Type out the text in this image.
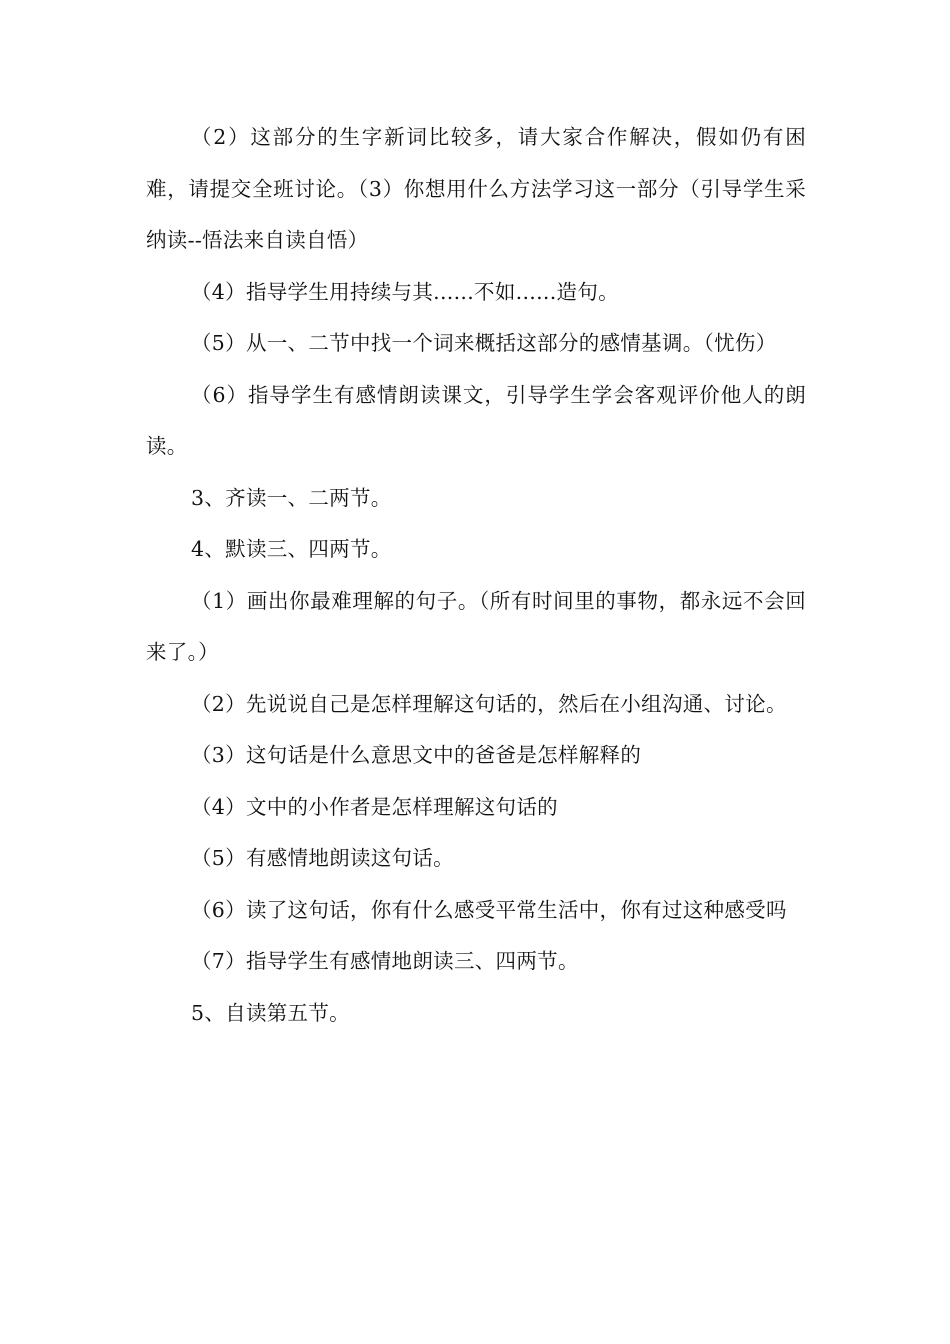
（2）这部分的生字新词比较多，请大家合作解决，假如仍有困难，请提交全班讨论。（3）你想用什么方法学习这一部分（引导学生采纳读--悟法来自读自悟）

（4）指导学生用持续与其......不如......造句。

（5）从一、二节中找一个词来概括这部分的感情基调。（忧伤）

（6）指导学生有感情朗读课文，引导学生学会客观评价他人的朗读。

3、齐读一、二两节。

4、默读三、四两节。

（1）画出你最难理解的句子。（所有时间里的事物，都永远不会回来了。）

（2）先说说自己是怎样理解这句话的，然后在小组沟通、讨论。

（3）这句话是什么意思文中的爸爸是怎样解释的

（4）文中的小作者是怎样理解这句话的

（5）有感情地朗读这句话。

（6）读了这句话，你有什么感受平常生活中，你有过这种感受吗

（7）指导学生有感情地朗读三、四两节。

5、自读第五节。
